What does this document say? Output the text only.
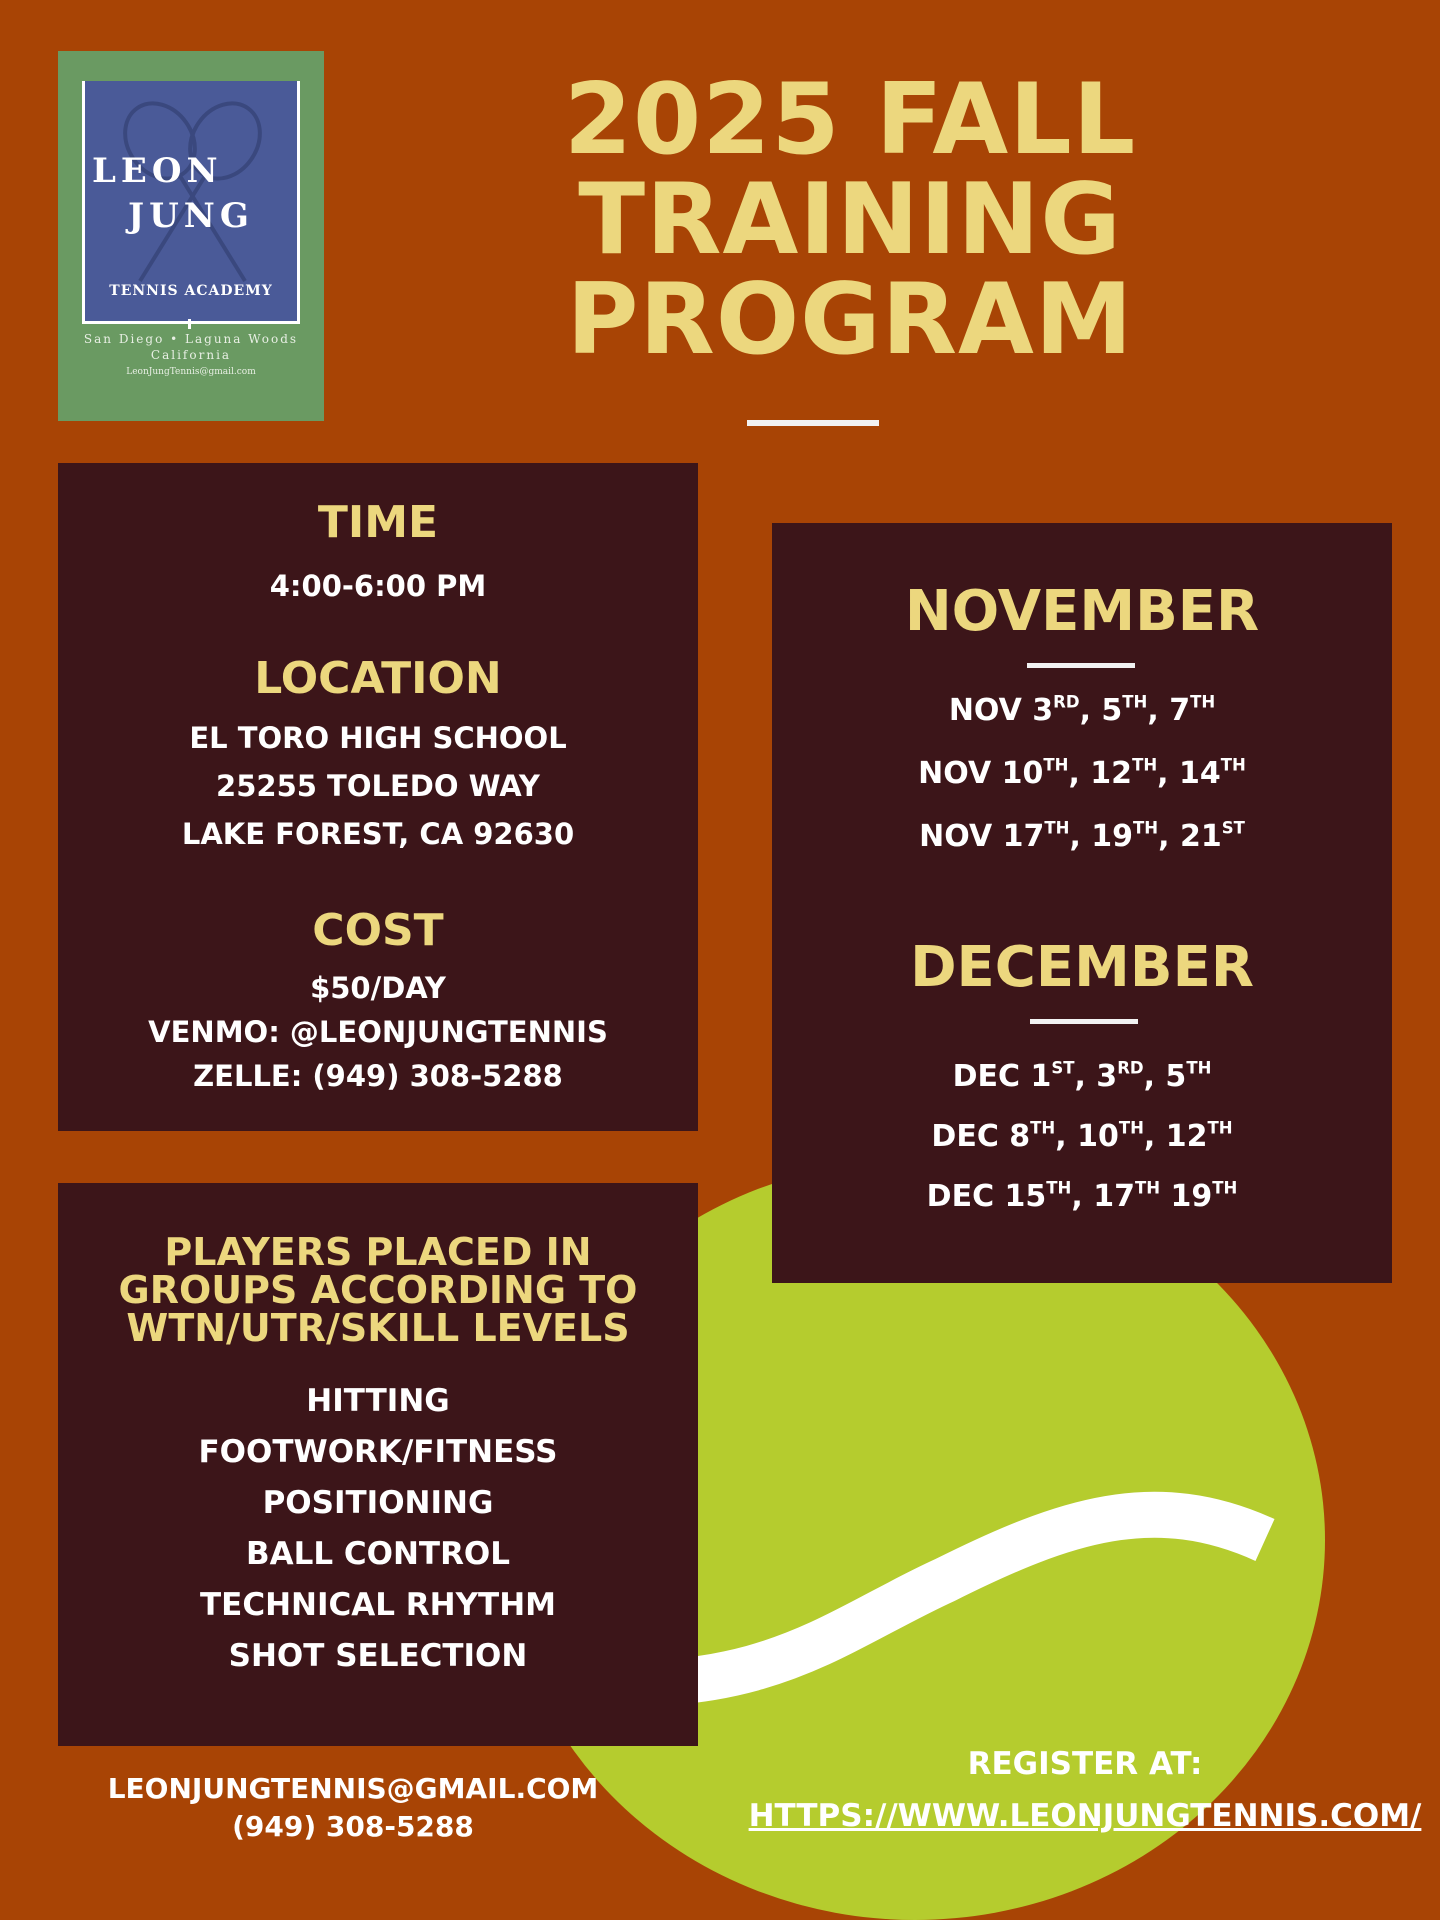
LEON
JUNG
TENNIS ACADEMY
San Diego • Laguna Woods
California
LeonJungTennis@gmail.com
2025 FALL
TRAINING
PROGRAM
TIME
4:00-6:00 PM
LOCATION
EL TORO HIGH SCHOOL
25255 TOLEDO WAY
LAKE FOREST, CA 92630
COST
$50/DAY
VENMO: @LEONJUNGTENNIS
ZELLE: (949) 308-5288
NOVEMBER
NOV 3RD, 5TH, 7TH
NOV 10TH, 12TH, 14TH
NOV 17TH, 19TH, 21ST
DECEMBER
DEC 1ST, 3RD, 5TH
DEC 8TH, 10TH, 12TH
DEC 15TH, 17TH 19TH
PLAYERS PLACED IN
GROUPS ACCORDING TO
WTN/UTR/SKILL LEVELS
HITTING
FOOTWORK/FITNESS
POSITIONING
BALL CONTROL
TECHNICAL RHYTHM
SHOT SELECTION
LEONJUNGTENNIS@GMAIL.COM
(949) 308-5288
REGISTER AT:
HTTPS://WWW.LEONJUNGTENNIS.COM/
